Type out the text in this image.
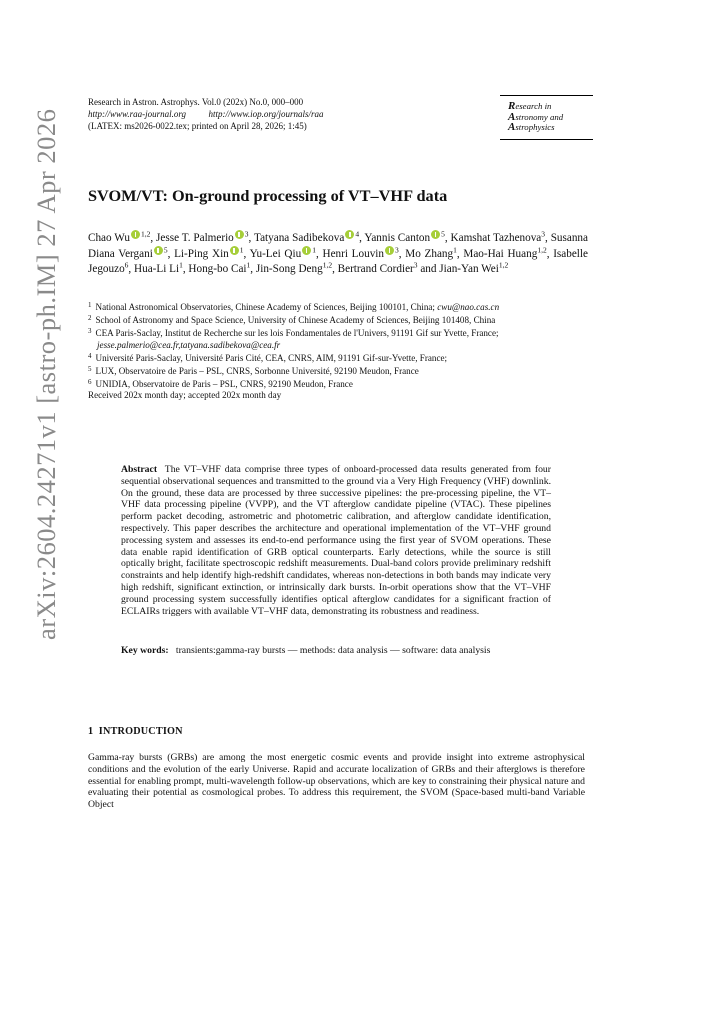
arXiv:2604.24271v1 [astro-ph.IM] 27 Apr 2026
Research in Astron. Astrophys. Vol.0 (202x) No.0, 000–000
http://www.raa-journal.org	http://www.iop.org/journals/raa
(LATEX: ms2026-0022.tex; printed on April 28, 2026; 1:45)
Research in
Astronomy and
Astrophysics
SVOM/VT: On-ground processing of VT–VHF data
Chao Wu $^{1,2}$, Jesse T. Palmerio $^3$, Tatyana Sadibekova $^4$, Yannis Canton $^5$, Kamshat Tazhenova$^3$, Susanna Diana Vergani $^5$, Li-Ping Xin $^1$, Yu-Lei Qiu $^1$, Henri Louvin $^3$, Mo Zhang$^1$, Mao-Hai Huang$^{1,2}$, Isabelle Jegouzo$^6$, Hua-Li Li$^1$, Hong-bo Cai$^1$, Jin-Song Deng$^{1,2}$, Bertrand Cordier$^3$ and Jian-Yan Wei$^{1,2}$
$^1$ National Astronomical Observatories, Chinese Academy of Sciences, Beijing 100101, China; cwu@nao.cas.cn
$^2$ School of Astronomy and Space Science, University of Chinese Academy of Sciences, Beijing 101408, China
$^3$ CEA Paris-Saclay, Institut de Recherche sur les lois Fondamentales de l'Univers, 91191 Gif sur Yvette, France; jesse.palmerio@cea.fr,tatyana.sadibekova@cea.fr
$^4$ Université Paris-Saclay, Université Paris Cité, CEA, CNRS, AIM, 91191 Gif-sur-Yvette, France;
$^5$ LUX, Observatoire de Paris – PSL, CNRS, Sorbonne Université, 92190 Meudon, France
$^6$ UNIDIA, Observatoire de Paris – PSL, CNRS, 92190 Meudon, France
Received 202x month day; accepted 202x month day
Abstract The VT–VHF data comprise three types of onboard-processed data results generated from four sequential observational sequences and transmitted to the ground via a Very High Frequency (VHF) downlink. On the ground, these data are processed by three successive pipelines: the pre-processing pipeline, the VT–VHF data processing pipeline (VVPP), and the VT afterglow candidate pipeline (VTAC). These pipelines perform packet decoding, astrometric and photometric calibration, and afterglow candidate identification, respectively. This paper describes the architecture and operational implementation of the VT–VHF ground processing system and assesses its end-to-end performance using the first year of SVOM operations. These data enable rapid identification of GRB optical counterparts. Early detections, while the source is still optically bright, facilitate spectroscopic redshift measurements. Dual-band colors provide preliminary redshift constraints and help identify high-redshift candidates, whereas non-detections in both bands may indicate very high redshift, significant extinction, or intrinsically dark bursts. In-orbit operations show that the VT–VHF ground processing system successfully identifies optical afterglow candidates for a significant fraction of ECLAIRs triggers with available VT–VHF data, demonstrating its robustness and readiness.
Key words: transients:gamma-ray bursts — methods: data analysis — software: data analysis
1 INTRODUCTION
Gamma-ray bursts (GRBs) are among the most energetic cosmic events and provide insight into extreme astrophysical conditions and the evolution of the early Universe. Rapid and accurate localization of GRBs and their afterglows is therefore essential for enabling prompt, multi-wavelength follow-up observations, which are key to constraining their physical nature and evaluating their potential as cosmological probes. To address this requirement, the SVOM (Space-based multi-band Variable Object
